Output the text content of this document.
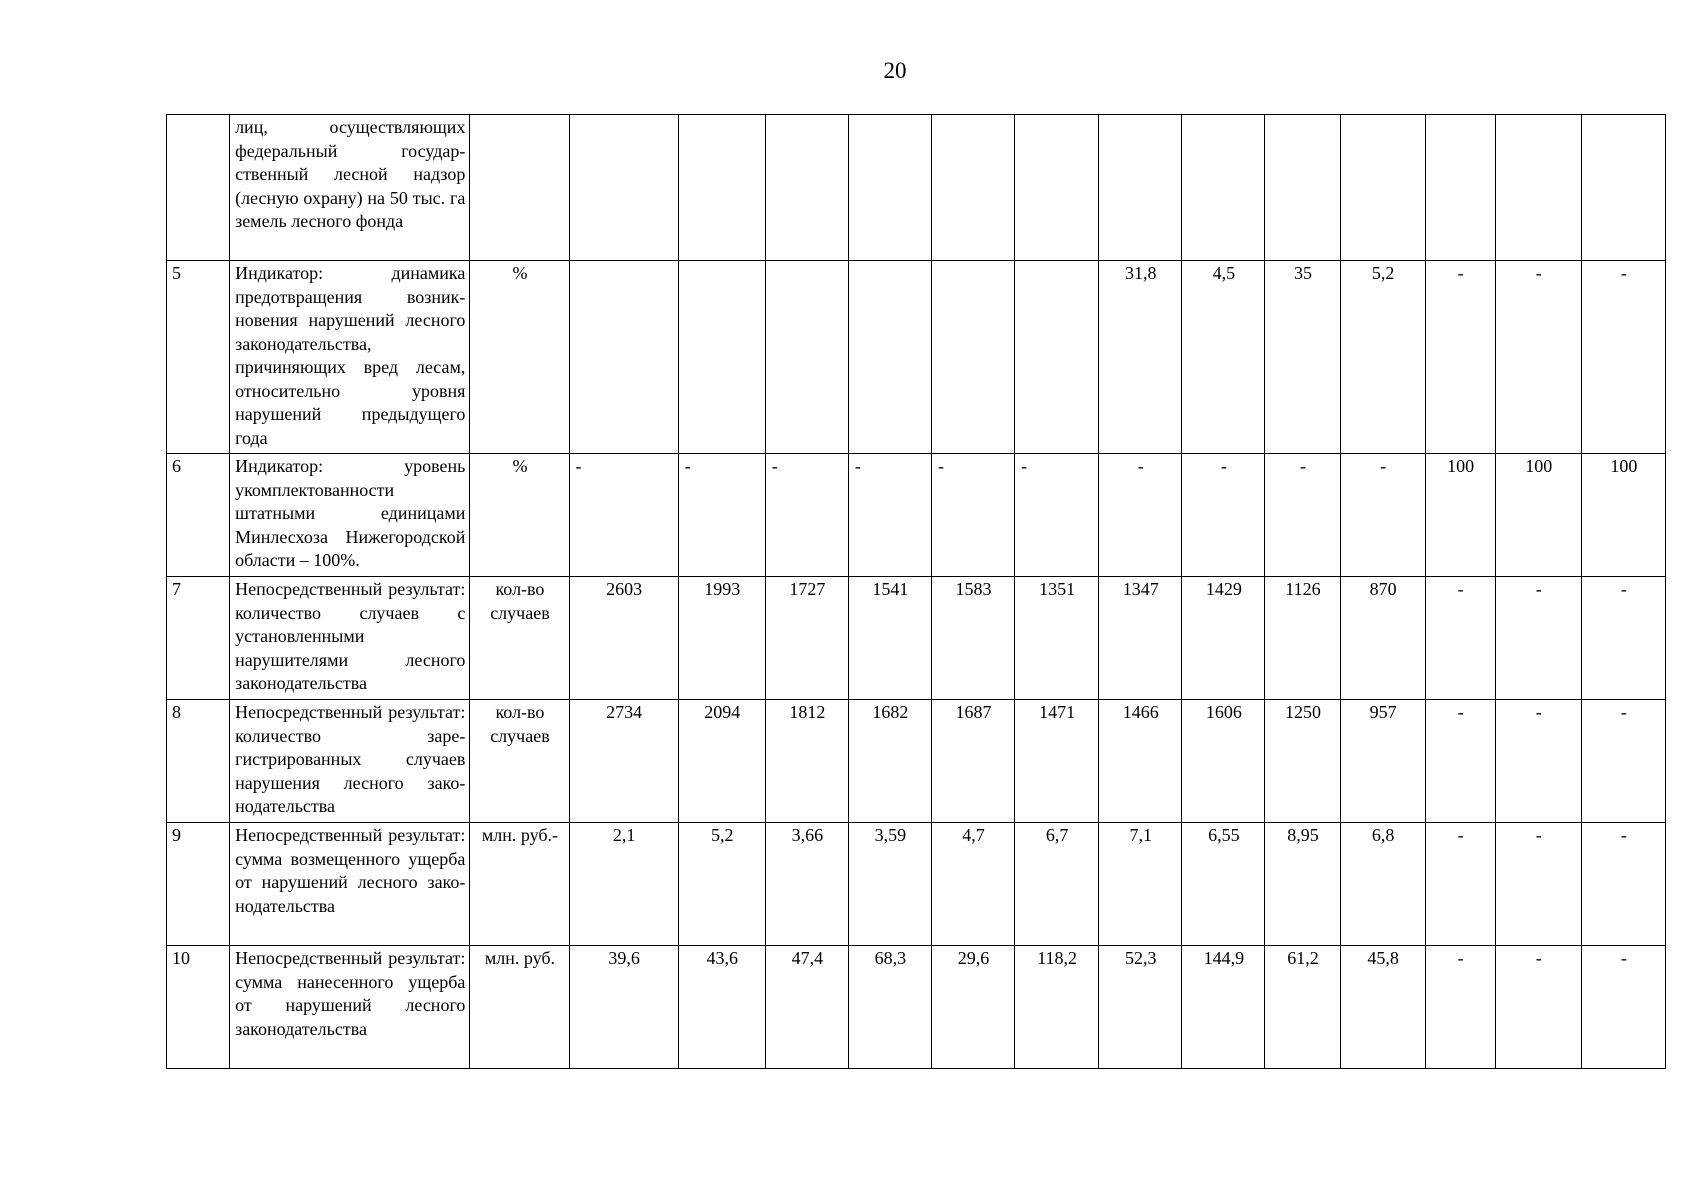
20
	лиц, осуществляющих федеральный государственный лесной надзор (лесную охрану) на 50 тыс. га земель лесного фонда														
5	Индикатор: динамика предотвращения возникновения нарушений лесного законодательства, причиняющих вред лесам, относительно уровня нарушений предыдущего года	%							31,8	4,5	35	5,2	-	-	-
6	Индикатор: уровень укомплектованности штатными единицами Минлесхоза Нижегородской области – 100%.	%	-	-	-	-	-	-	-	-	-	-	100	100	100
7	Непосредственный результат: количество случаев с установленными нарушителями лесного законодательства	кол-во случаев	2603	1993	1727	1541	1583	1351	1347	1429	1126	870	-	-	-
8	Непосредственный результат: количество зарегистрированных случаев нарушения лесного законодательства	кол-во случаев	2734	2094	1812	1682	1687	1471	1466	1606	1250	957	-	-	-
9	Непосредственный результат: сумма возмещенного ущерба от нарушений лесного законодательства	млн. руб.-	2,1	5,2	3,66	3,59	4,7	6,7	7,1	6,55	8,95	6,8	-	-	-
10	Непосредственный результат: сумма нанесенного ущерба от нарушений лесного законодательства	млн. руб.	39,6	43,6	47,4	68,3	29,6	118,2	52,3	144,9	61,2	45,8	-	-	-
